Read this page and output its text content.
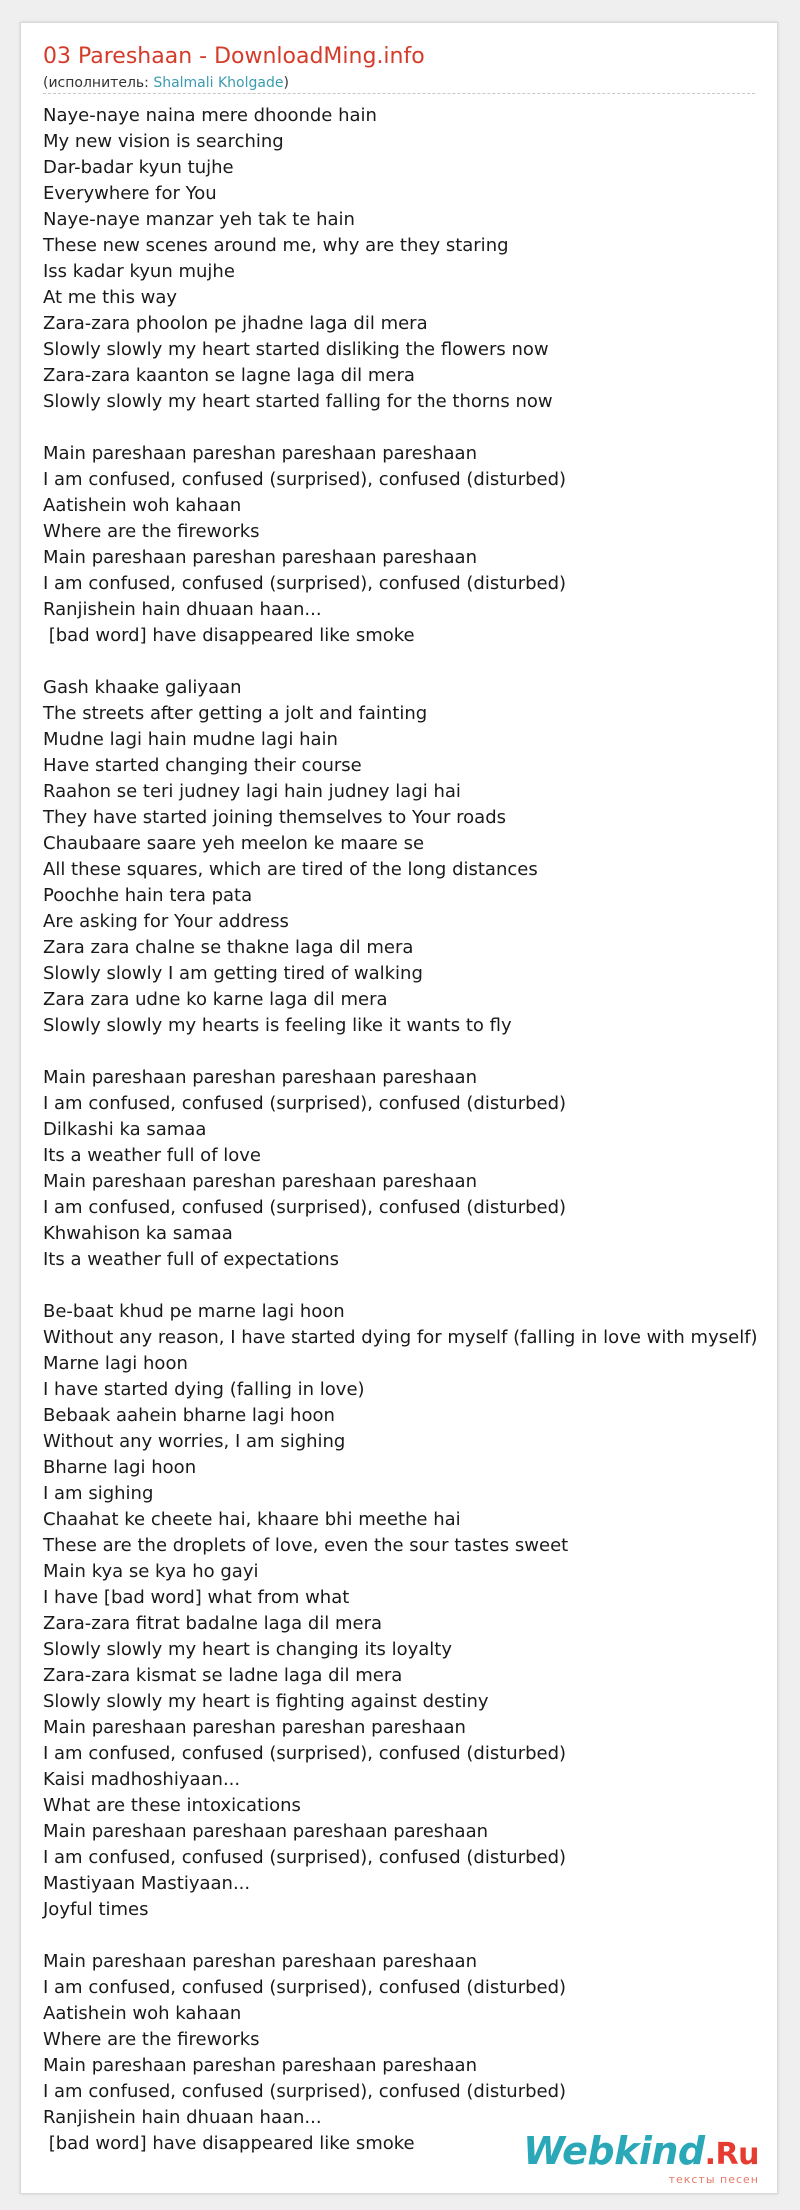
03 Pareshaan - DownloadMing.info
(исполнитель: Shalmali Kholgade)
Naye-naye naina mere dhoonde hain
My new vision is searching
Dar-badar kyun tujhe
Everywhere for You
Naye-naye manzar yeh tak te hain
These new scenes around me, why are they staring
Iss kadar kyun mujhe
At me this way
Zara-zara phoolon pe jhadne laga dil mera
Slowly slowly my heart started disliking the flowers now
Zara-zara kaanton se lagne laga dil mera
Slowly slowly my heart started falling for the thorns now
Main pareshaan pareshan pareshaan pareshaan
I am confused, confused (surprised), confused (disturbed)
Aatishein woh kahaan
Where are the fireworks
Main pareshaan pareshan pareshaan pareshaan
I am confused, confused (surprised), confused (disturbed)
Ranjishein hain dhuaan haan...
[bad word] have disappeared like smoke
Gash khaake galiyaan
The streets after getting a jolt and fainting
Mudne lagi hain mudne lagi hain
Have started changing their course
Raahon se teri judney lagi hain judney lagi hai
They have started joining themselves to Your roads
Chaubaare saare yeh meelon ke maare se
All these squares, which are tired of the long distances
Poochhe hain tera pata
Are asking for Your address
Zara zara chalne se thakne laga dil mera
Slowly slowly I am getting tired of walking
Zara zara udne ko karne laga dil mera
Slowly slowly my hearts is feeling like it wants to fly
Main pareshaan pareshan pareshaan pareshaan
I am confused, confused (surprised), confused (disturbed)
Dilkashi ka samaa
Its a weather full of love
Main pareshaan pareshan pareshaan pareshaan
I am confused, confused (surprised), confused (disturbed)
Khwahison ka samaa
Its a weather full of expectations
Be-baat khud pe marne lagi hoon
Without any reason, I have started dying for myself (falling in love with myself)
Marne lagi hoon
I have started dying (falling in love)
Bebaak aahein bharne lagi hoon
Without any worries, I am sighing
Bharne lagi hoon
I am sighing
Chaahat ke cheete hai, khaare bhi meethe hai
These are the droplets of love, even the sour tastes sweet
Main kya se kya ho gayi
I have [bad word] what from what
Zara-zara fitrat badalne laga dil mera
Slowly slowly my heart is changing its loyalty
Zara-zara kismat se ladne laga dil mera
Slowly slowly my heart is fighting against destiny
Main pareshaan pareshan pareshan pareshaan
I am confused, confused (surprised), confused (disturbed)
Kaisi madhoshiyaan...
What are these intoxications
Main pareshaan pareshaan pareshaan pareshaan
I am confused, confused (surprised), confused (disturbed)
Mastiyaan Mastiyaan...
Joyful times
Main pareshaan pareshan pareshaan pareshaan
I am confused, confused (surprised), confused (disturbed)
Aatishein woh kahaan
Where are the fireworks
Main pareshaan pareshan pareshaan pareshaan
I am confused, confused (surprised), confused (disturbed)
Ranjishein hain dhuaan haan...
[bad word] have disappeared like smoke	Webkind.Ru
тексты песен
